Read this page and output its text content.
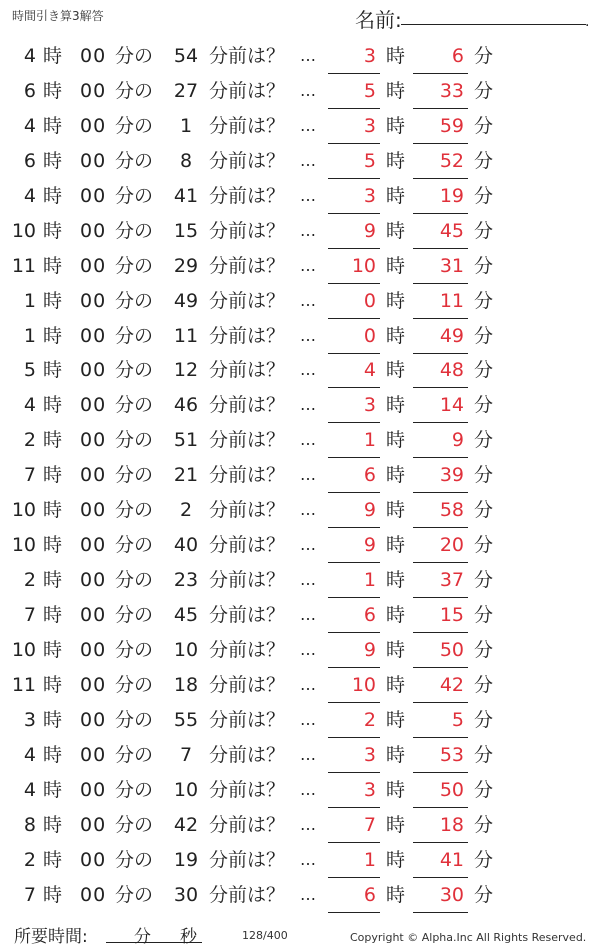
時間引き算3解答	名前:	.
4 時 00 分の	54 分前は？ …	3 時 6 分
6 時 00 分の	27 分前は？ …	5 時 33 分
4 時 00 分の	1 分前は？ …	3 時 59 分
6 時 00 分の	8 分前は？ …	5 時 52 分
4 時 00 分の	41 分前は？ …	3 時 19 分
10 時 00 分の	15 分前は？ …	9 時 45 分
11 時 00 分の	29 分前は？ … 10 時 31 分
1 時 00 分の	49 分前は？ …	0 時 11 分
1 時 00 分の	11 分前は？ …	0 時 49 分
5 時 00 分の	12 分前は？ …	4 時 48 分
4 時 00 分の	46 分前は？ …	3 時 14 分
2 時 00 分の	51 分前は？ …	1 時 9 分
7 時 00 分の	21 分前は？ …	6 時 39 分
10 時 00 分の	2 分前は？ …	9 時 58 分
10 時 00 分の	40 分前は？ …	9 時 20 分
2 時 00 分の	23 分前は？ …	1 時 37 分
7 時 00 分の	45 分前は？ …	6 時 15 分
10 時 00 分の	10 分前は？ …	9 時 50 分
11 時 00 分の	18 分前は？ … 10 時 42 分
3 時 00 分の	55 分前は？ …	2 時 5 分
4 時 00 分の	7 分前は？ …	3 時 53 分
4 時 00 分の	10 分前は？ …	3 時 50 分
8 時 00 分の	42 分前は？ …	7 時 18 分
2 時 00 分の	19 分前は？ …	1 時 41 分
7 時 00 分の	30 分前は？ …	6 時 30 分
所要時間:	分 秒	128/400	Copyright © Alpha.Inc All Rights Reserved.
